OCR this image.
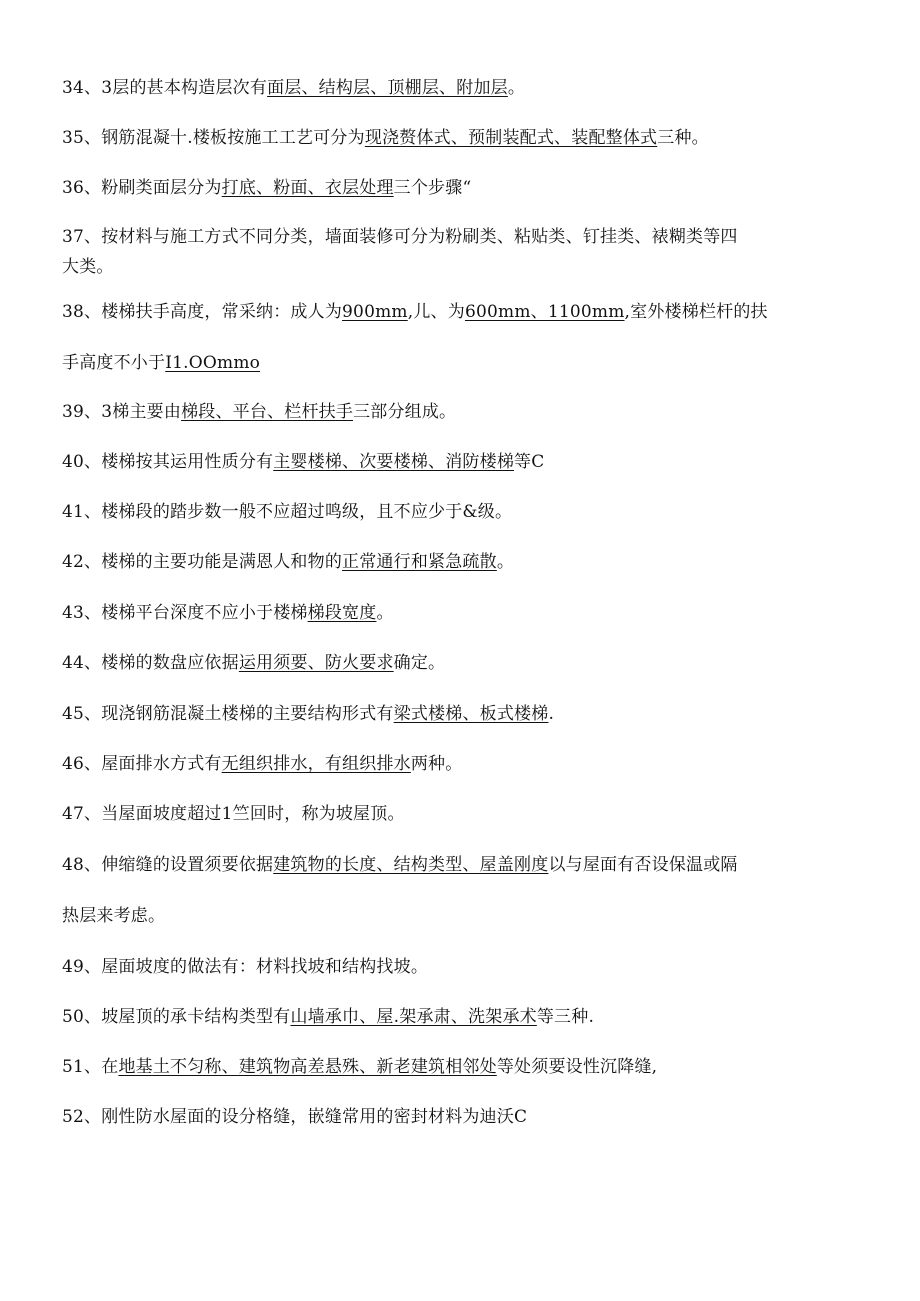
34、3层的甚本构造层次有面层、结构层、顶棚层、附加层。
35、钢筋混凝十.楼板按施工工艺可分为现浇赘体式、预制装配式、装配整体式三种。
36、粉刷类面层分为打底、粉面、衣层处理三个步骤“
37、按材料与施工方式不同分类，墙面装修可分为粉刷类、粘贴类、钉挂类、裱糊类等四
大类。
38、楼梯扶手高度，常采纳：成人为900mm,儿、为600mm、1100mm,室外楼梯栏杆的扶
手高度不小于I1.OOmmo
39、3梯主要由梯段、平台、栏杆扶手三部分组成。
40、楼梯按其运用性质分有主婴楼梯、次要楼梯、消防楼梯等C
41、楼梯段的踏步数一般不应超过鸣级，且不应少于&级。
42、楼梯的主要功能是满恩人和物的正常通行和紧急疏散。
43、楼梯平台深度不应小于楼梯梯段宽度。
44、楼梯的数盘应依据运用须要、防火要求确定。
45、现浇钢筋混凝土楼梯的主要结构形式有梁式楼梯、板式楼梯.
46、屋面排水方式有无组织排水，有组织排水两种。
47、当屋面坡度超过1竺回时，称为坡屋顶。
48、伸缩缝的设置须要依据建筑物的长度、结构类型、屋盖刚度以与屋面有否设保温或隔
热层来考虑。
49、屋面坡度的做法有：材料找坡和结构找坡。
50、坡屋顶的承卡结构类型有山墙承巾、屋.架承肃、洗架承术等三种.
51、在地基土不匀称、建筑物高差悬殊、新老建筑相邻处等处须要设性沉降缝,
52、刚性防水屋面的设分格缝，嵌缝常用的密封材料为迪沃C
